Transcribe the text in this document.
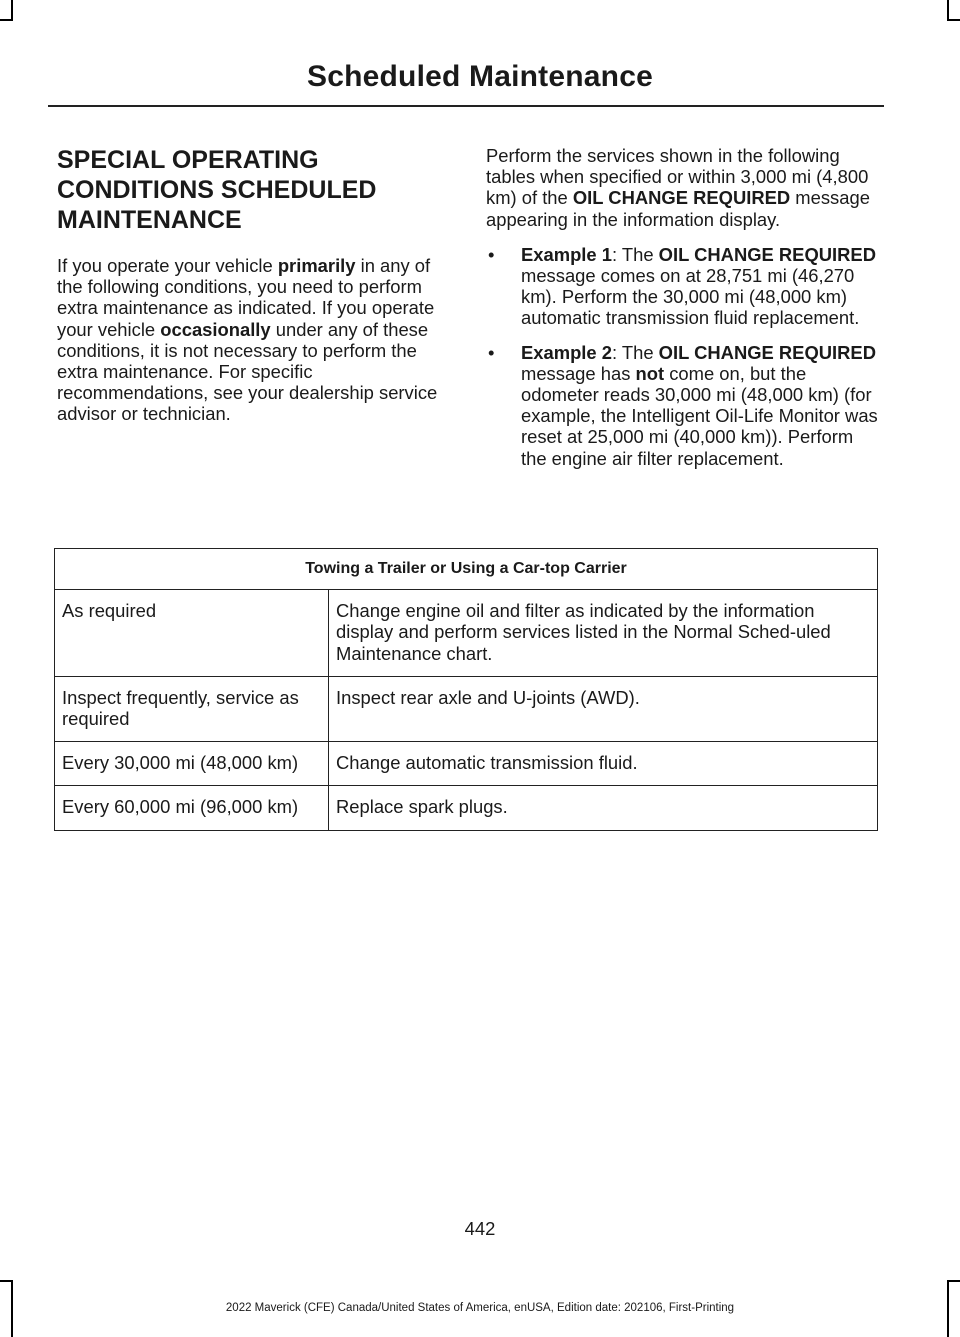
Scheduled Maintenance
SPECIAL OPERATING
CONDITIONS SCHEDULED
MAINTENANCE

If you operate your vehicle primarily in any of the following conditions, you need to perform extra maintenance as indicated. If you operate your vehicle occasionally under any of these conditions, it is not necessary to perform the extra maintenance. For specific recommendations, see your dealership service advisor or technician.

Perform the services shown in the following tables when specified or within 3,000 mi (4,800 km) of the OIL CHANGE REQUIRED message appearing in the information display.

• Example 1: The OIL CHANGE REQUIRED message comes on at 28,751 mi (46,270 km). Perform the 30,000 mi (48,000 km) automatic transmission fluid replacement.
• Example 2: The OIL CHANGE REQUIRED message has not come on, but the odometer reads 30,000 mi (48,000 km) (for example, the Intelligent Oil-Life Monitor was reset at 25,000 mi (40,000 km)). Perform the engine air filter replacement.
Towing a Trailer or Using a Car-top Carrier	
As required	Change engine oil and filter as indicated by the information display and perform services listed in the Normal Sched-uled Maintenance chart.
Inspect frequently, service as required	Inspect rear axle and U-joints (AWD).
Every 30,000 mi (48,000 km)	Change automatic transmission fluid.
Every 60,000 mi (96,000 km)	Replace spark plugs.
442
2022 Maverick (CFE) Canada/United States of America, enUSA, Edition date: 202106, First-Printing
